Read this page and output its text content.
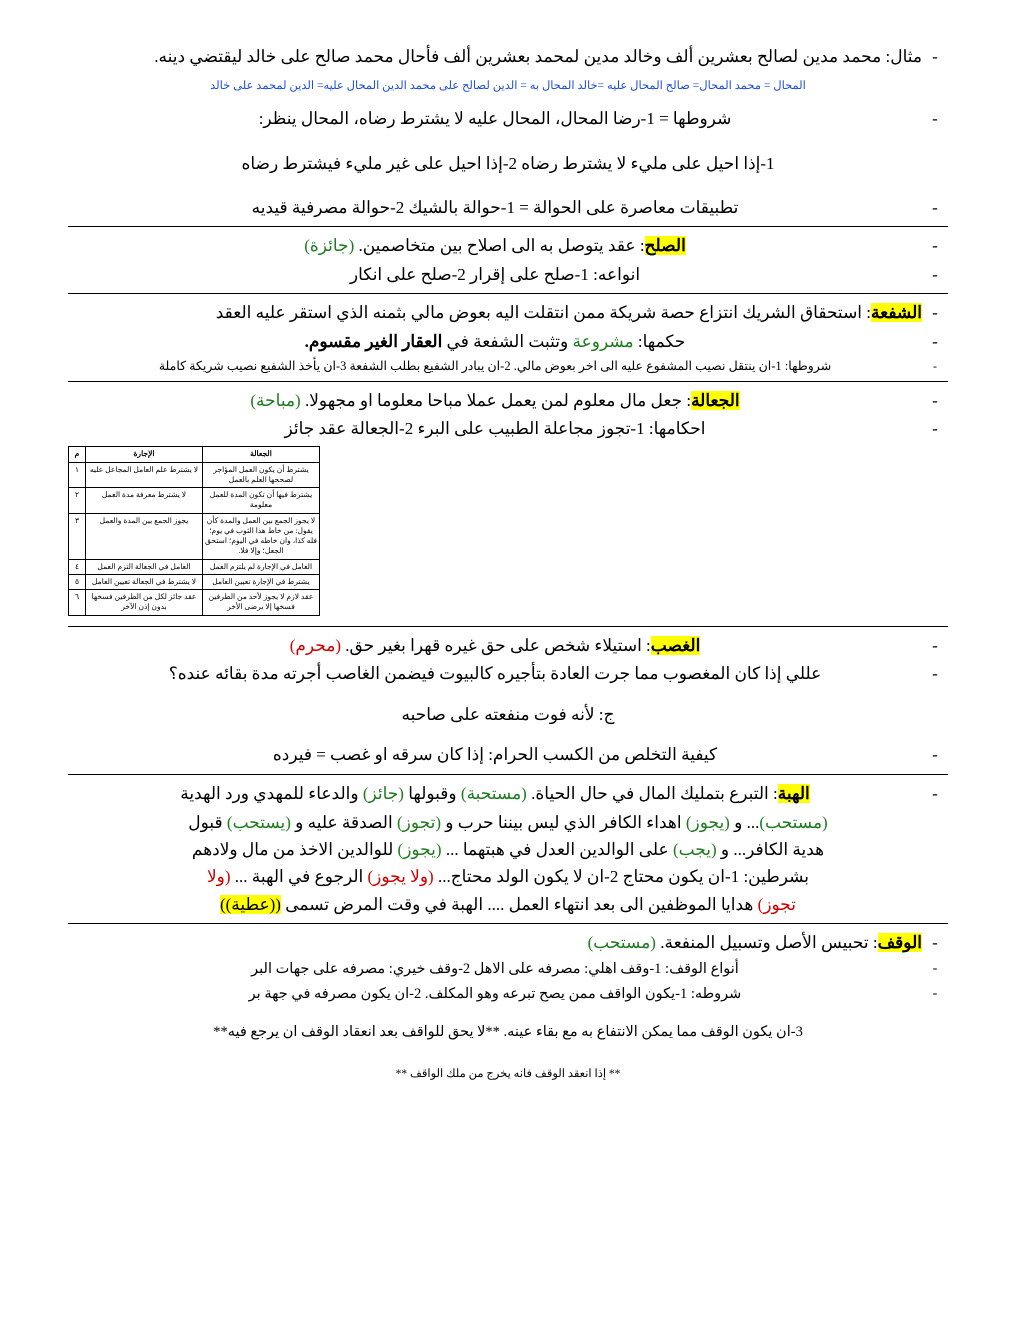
-
مثال: محمد مدين لصالح بعشرين ألف وخالد مدين لمحمد بعشرين ألف فأحال محمد صالح على خالد ليقتضي دينه.
المحال = محمد المحال= صالح المحال عليه =خالد المحال به = الدين لصالح على محمد الدين المحال عليه= الدين لمحمد على خالد
-
شروطها = 1-رضا المحال، المحال عليه لا يشترط رضاه، المحال ينظر:
1-إذا احيل على مليء لا يشترط رضاه 2-إذا احيل على غير مليء فيشترط رضاه
-
تطبيقات معاصرة على الحوالة = 1-حوالة بالشيك 2-حوالة مصرفية قيديه
-
الصلح: عقد يتوصل به الى اصلاح بين متخاصمين. (جائزة)
-
انواعه: 1-صلح على إقرار 2-صلح على انكار
-
الشفعة: استحقاق الشريك انتزاع حصة شريكة ممن انتقلت اليه بعوض مالي بثمنه الذي استقر عليه العقد
-
حكمها: مشروعة وتثبت الشفعة في العقار الغير مقسوم.
-
شروطها: 1-ان ينتقل نصيب المشفوع عليه الى اخر بعوض مالي. 2-ان يبادر الشفيع بطلب الشفعة 3-ان يأخذ الشفيع نصيب شريكة كاملة
-
الجعالة: جعل مال معلوم لمن يعمل عملا مباحا معلوما او مجهولا. (مباحة)
-
احكامها: 1-تجوز مجاعلة الطبيب على البرء 2-الجعالة عقد جائز
الجعالة	الإجارة	م
يشترط أن يكون العمل المؤاجر لصححها العلم بالعمل	لا يشترط علم العامل المجاعل عليه	١
يشترط فيها أن تكون المدة للعمل معلومة	لا يشترط معرفة مدة العمل	٢
لا يجوز الجمع بين العمل والمدة كأن يقول: من خاط هذا الثوب في يوم؛ فله كذا، وان خاطه في اليوم؛ استحق الجعل؛ وإلا فلا.	يجوز الجمع بين المدة والعمل	٣
العامل في الإجارة لم يلتزم العمل	العامل في الجعالة التزم العمل	٤
يشترط في الإجارة تعيين العامل	لا يشترط في الجعالة تعيين العامل	٥
عقد لازم لا يجوز لأحد من الطرفين فسخها إلا برضى الأخر	عقد جائز لكل من الطرفين فسخها بدون إذن الآخر	٦
-
الغصب: استيلاء شخص على حق غيره قهرا بغير حق. (محرم)
-
عللي إذا كان المغصوب مما جرت العادة بتأجيره كالبيوت فيضمن الغاصب أجرته مدة بقائه عنده؟
ج: لأنه فوت منفعته على صاحبه
-
كيفية التخلص من الكسب الحرام: إذا كان سرقه او غصب = فيرده
-
الهبة: التبرع بتمليك المال في حال الحياة. (مستحبة) وقبولها (جائز) والدعاء للمهدي ورد الهدية
(مستحب)... و (يجوز) اهداء الكافر الذي ليس بيننا حرب و (تجوز) الصدقة عليه و (يستحب) قبول
هدية الكافر... و (يجب) على الوالدين العدل في هبتهما ... (يجوز) للوالدين الاخذ من مال ولادهم
بشرطين: 1-ان يكون محتاج 2-ان لا يكون الولد محتاج... (ولا يجوز) الرجوع في الهبة ... (ولا
تجوز) هدايا الموظفين الى بعد انتهاء العمل .... الهبة في وقت المرض تسمى ((عطية))
-
الوقف: تحبيس الأصل وتسبيل المنفعة. (مستحب)
-
أنواع الوقف: 1-وقف اهلي: مصرفه على الاهل 2-وقف خيري: مصرفه على جهات البر
-
شروطه: 1-يكون الواقف ممن يصح تبرعه وهو المكلف. 2-ان يكون مصرفه في جهة بر
3-ان يكون الوقف مما يمكن الانتفاع به مع بقاء عينه. **لا يحق للواقف بعد انعقاد الوقف ان يرجع فيه**
** إذا انعقد الوقف فانه يخرج من ملك الواقف **
